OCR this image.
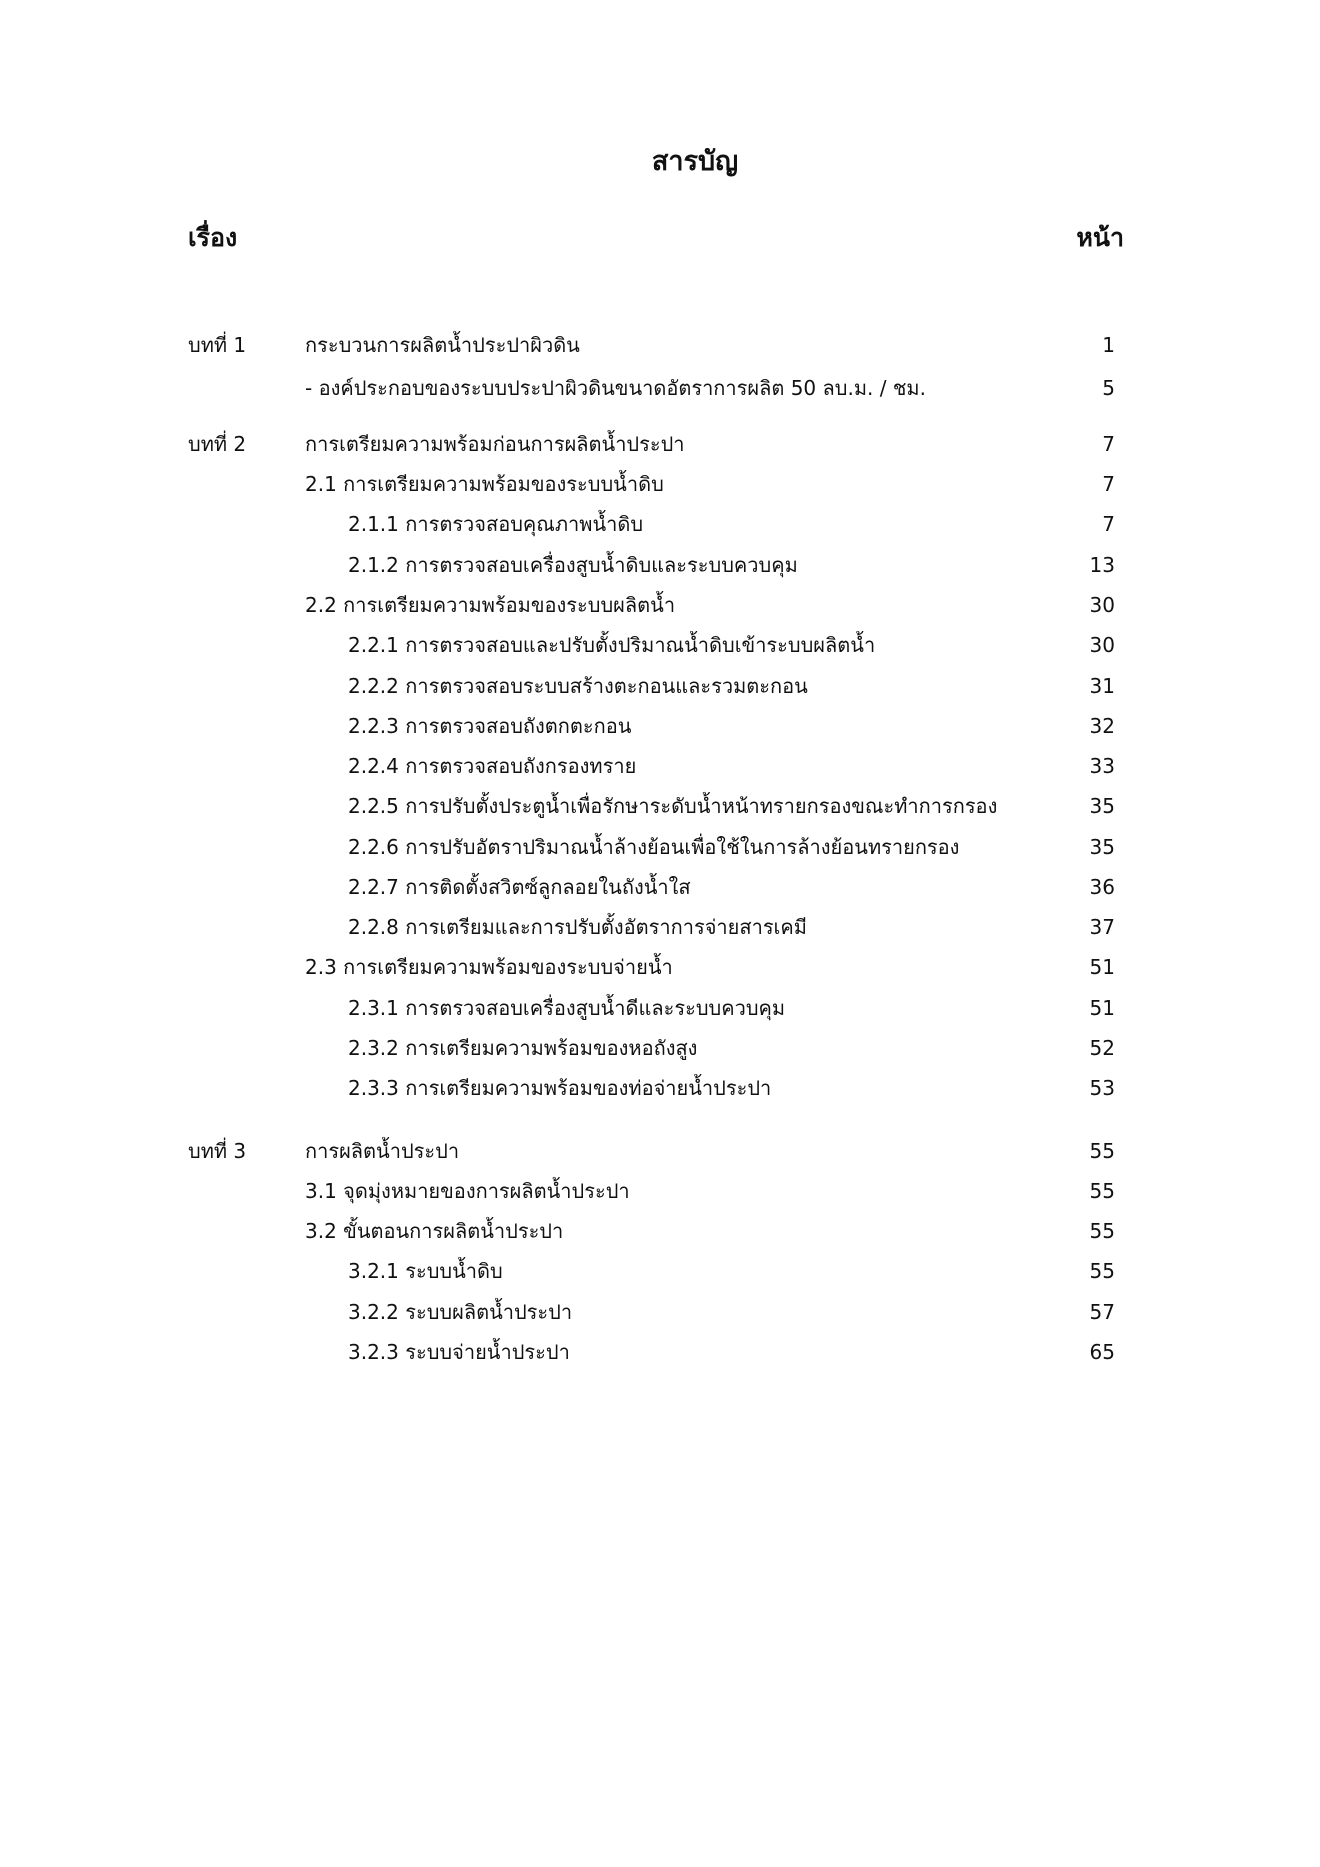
สารบัญ
เรื่อง	หน้า
บทที่ 1	กระบวนการผลิตน้ำประปาผิวดิน	1
- องค์ประกอบของระบบประปาผิวดินขนาดอัตราการผลิต 50 ลบ.ม. / ชม.	5
บทที่ 2	การเตรียมความพร้อมก่อนการผลิตน้ำประปา	7
2.1 การเตรียมความพร้อมของระบบน้ำดิบ	7
2.1.1 การตรวจสอบคุณภาพน้ำดิบ	7
2.1.2 การตรวจสอบเครื่องสูบน้ำดิบและระบบควบคุม	13
2.2 การเตรียมความพร้อมของระบบผลิตน้ำ	30
2.2.1 การตรวจสอบและปรับตั้งปริมาณน้ำดิบเข้าระบบผลิตน้ำ	30
2.2.2 การตรวจสอบระบบสร้างตะกอนและรวมตะกอน	31
2.2.3 การตรวจสอบถังตกตะกอน	32
2.2.4 การตรวจสอบถังกรองทราย	33
2.2.5 การปรับตั้งประตูน้ำเพื่อรักษาระดับน้ำหน้าทรายกรองขณะทำการกรอง	35
2.2.6 การปรับอัตราปริมาณน้ำล้างย้อนเพื่อใช้ในการล้างย้อนทรายกรอง	35
2.2.7 การติดตั้งสวิตซ์ลูกลอยในถังน้ำใส	36
2.2.8 การเตรียมและการปรับตั้งอัตราการจ่ายสารเคมี	37
2.3 การเตรียมความพร้อมของระบบจ่ายน้ำ	51
2.3.1 การตรวจสอบเครื่องสูบน้ำดีและระบบควบคุม	51
2.3.2 การเตรียมความพร้อมของหอถังสูง	52
2.3.3 การเตรียมความพร้อมของท่อจ่ายน้ำประปา	53
บทที่ 3	การผลิตน้ำประปา	55
3.1 จุดมุ่งหมายของการผลิตน้ำประปา	55
3.2 ขั้นตอนการผลิตน้ำประปา	55
3.2.1 ระบบน้ำดิบ	55
3.2.2 ระบบผลิตน้ำประปา	57
3.2.3 ระบบจ่ายน้ำประปา	65
